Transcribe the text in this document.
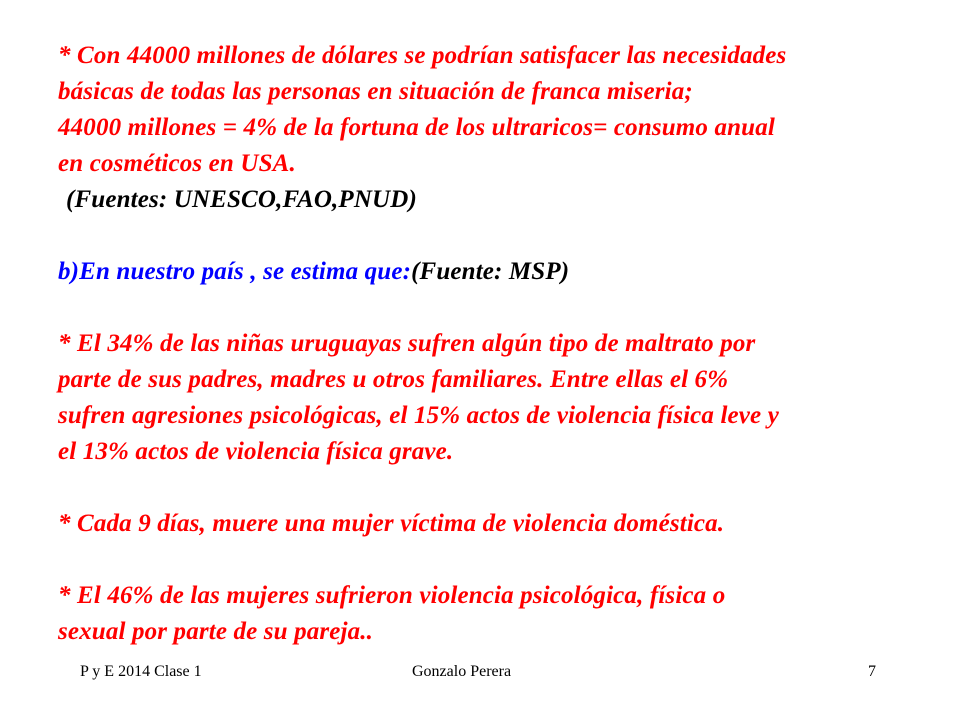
* Con 44000 millones de dólares se podrían satisfacer las necesidades
básicas de todas las personas en situación de franca miseria;
44000 millones = 4% de la fortuna de los ultraricos= consumo anual
en cosméticos en USA.

(Fuentes: UNESCO,FAO,PNUD)

b)En nuestro país , se estima que:(Fuente: MSP)

* El 34% de las niñas uruguayas sufren algún tipo de maltrato por
parte de sus padres, madres u otros familiares. Entre ellas el 6%
sufren agresiones psicológicas, el 15% actos de violencia física leve y
el 13% actos de violencia física grave.

* Cada 9 días, muere una mujer víctima de violencia doméstica.

* El 46% de las mujeres sufrieron violencia psicológica, física o
sexual por parte de su pareja..

P y E 2014 Clase 1	Gonzalo Perera	7
